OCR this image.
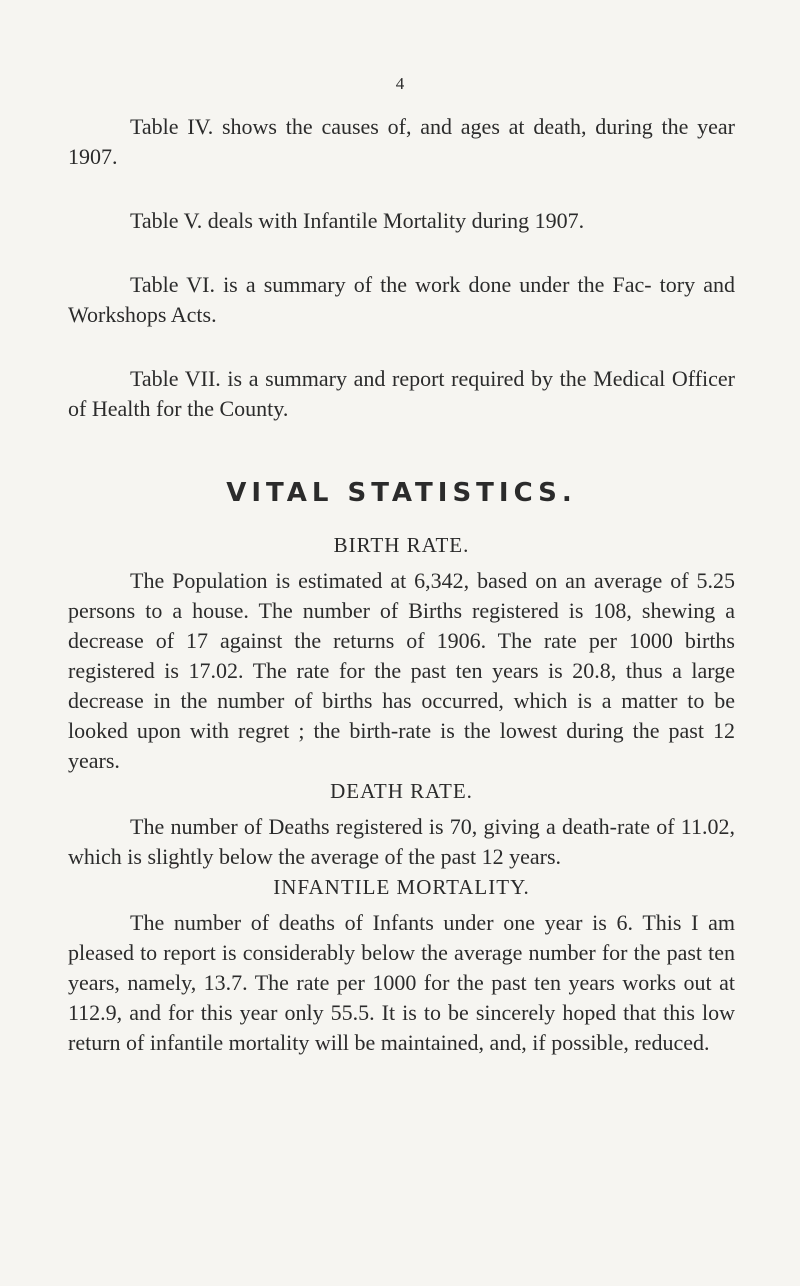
4

Table IV. shows the causes of, and ages at death, during the year 1907.

Table V. deals with Infantile Mortality during 1907.

Table VI. is a summary of the work done under the Fac- tory and Workshops Acts.

Table VII. is a summary and report required by the Medical Officer of Health for the County.

VITAL STATISTICS.
BIRTH RATE.

The Population is estimated at 6,342, based on an average of 5.25 persons to a house. The number of Births registered is 108, shewing a decrease of 17 against the returns of 1906. The rate per 1000 births registered is 17.02. The rate for the past ten years is 20.8, thus a large decrease in the number of births has occurred, which is a matter to be looked upon with regret ; the birth-rate is the lowest during the past 12 years.

DEATH RATE.

The number of Deaths registered is 70, giving a death-rate of 11.02, which is slightly below the average of the past 12 years.

INFANTILE MORTALITY.

The number of deaths of Infants under one year is 6. This I am pleased to report is considerably below the average number for the past ten years, namely, 13.7. The rate per 1000 for the past ten years works out at 112.9, and for this year only 55.5. It is to be sincerely hoped that this low return of infantile mortality will be maintained, and, if possible, reduced.
